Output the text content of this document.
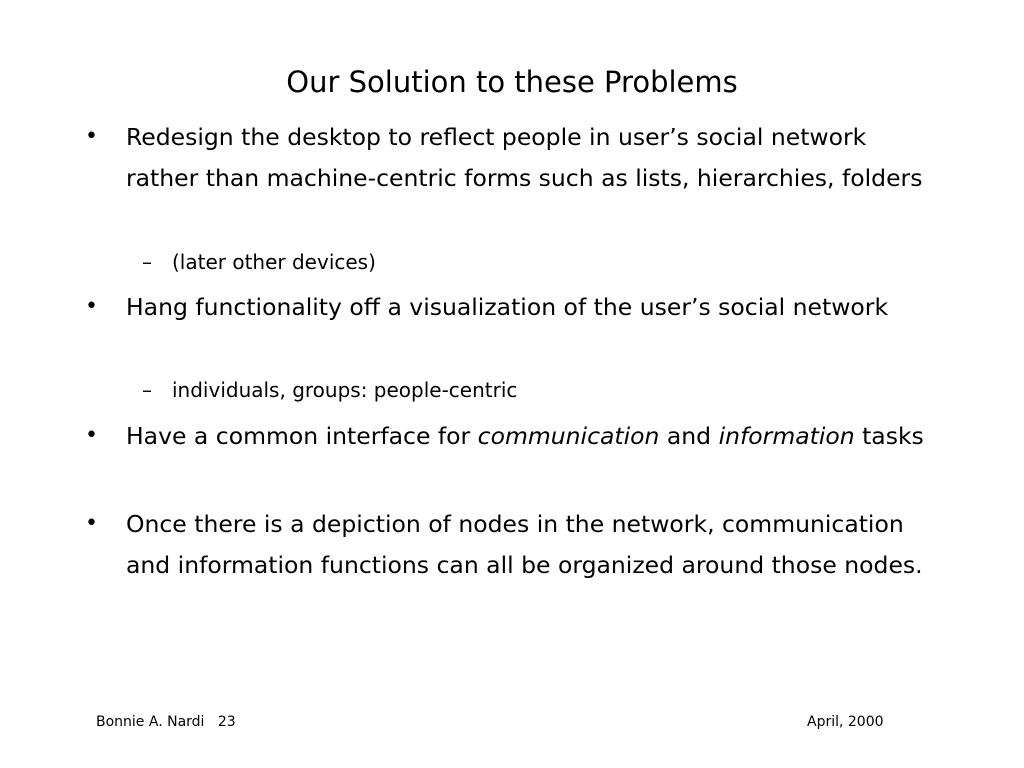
Our Solution to these Problems
• Redesign the desktop to reflect people in user’s social network rather than machine-centric forms such as lists, hierarchies, folders
– (later other devices)
• Hang functionality off a visualization of the user’s social network
– individuals, groups: people-centric
• Have a common interface for communication and information tasks
• Once there is a depiction of nodes in the network, communication and information functions can all be organized around those nodes.
Bonnie A. Nardi 23	April, 2000
